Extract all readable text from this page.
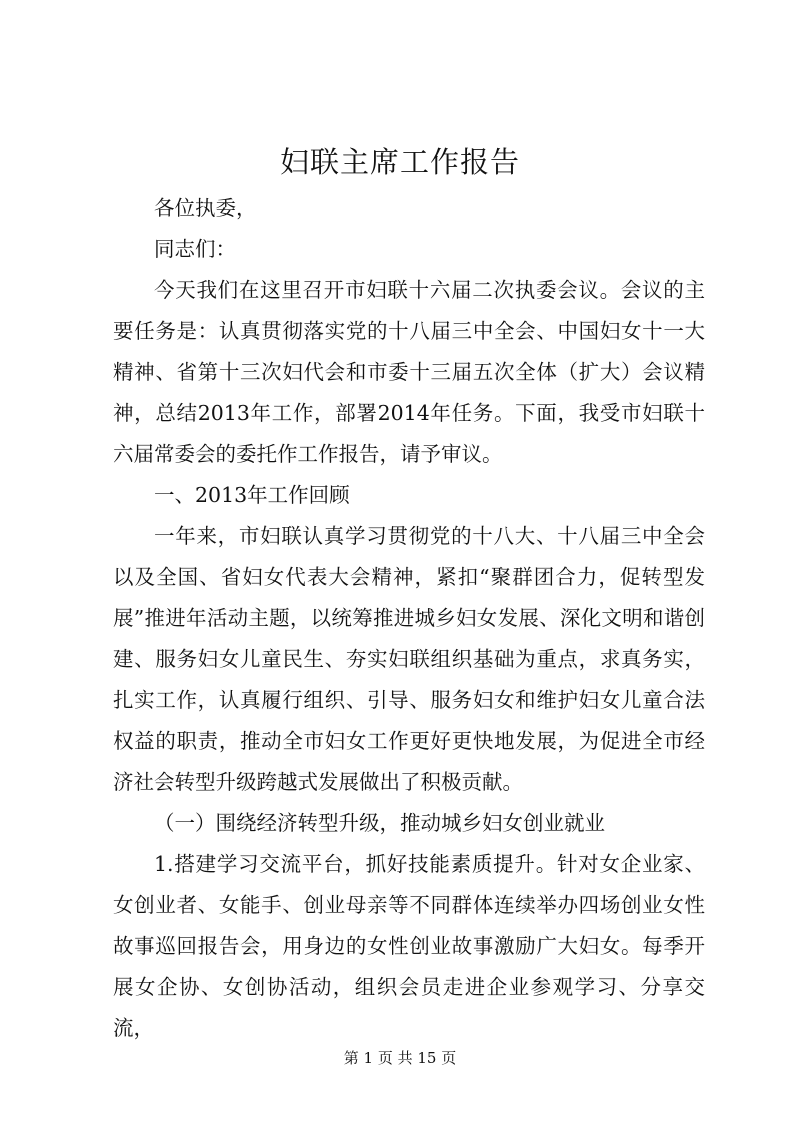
妇联主席工作报告

各位执委，

同志们：

今天我们在这里召开市妇联十六届二次执委会议。会议的主要任务是：认真贯彻落实党的十八届三中全会、中国妇女十一大精神、省第十三次妇代会和市委十三届五次全体（扩大）会议精神，总结2013年工作，部署2014年任务。下面，我受市妇联十六届常委会的委托作工作报告，请予审议。

一、2013年工作回顾

一年来，市妇联认真学习贯彻党的十八大、十八届三中全会以及全国、省妇女代表大会精神，紧扣“聚群团合力，促转型发展”推进年活动主题，以统筹推进城乡妇女发展、深化文明和谐创建、服务妇女儿童民生、夯实妇联组织基础为重点，求真务实，扎实工作，认真履行组织、引导、服务妇女和维护妇女儿童合法权益的职责，推动全市妇女工作更好更快地发展，为促进全市经济社会转型升级跨越式发展做出了积极贡献。

（一）围绕经济转型升级，推动城乡妇女创业就业

1.搭建学习交流平台，抓好技能素质提升。针对女企业家、女创业者、女能手、创业母亲等不同群体连续举办四场创业女性故事巡回报告会，用身边的女性创业故事激励广大妇女。每季开展女企协、女创协活动，组织会员走进企业参观学习、分享交流，

第 1 页 共 15 页
